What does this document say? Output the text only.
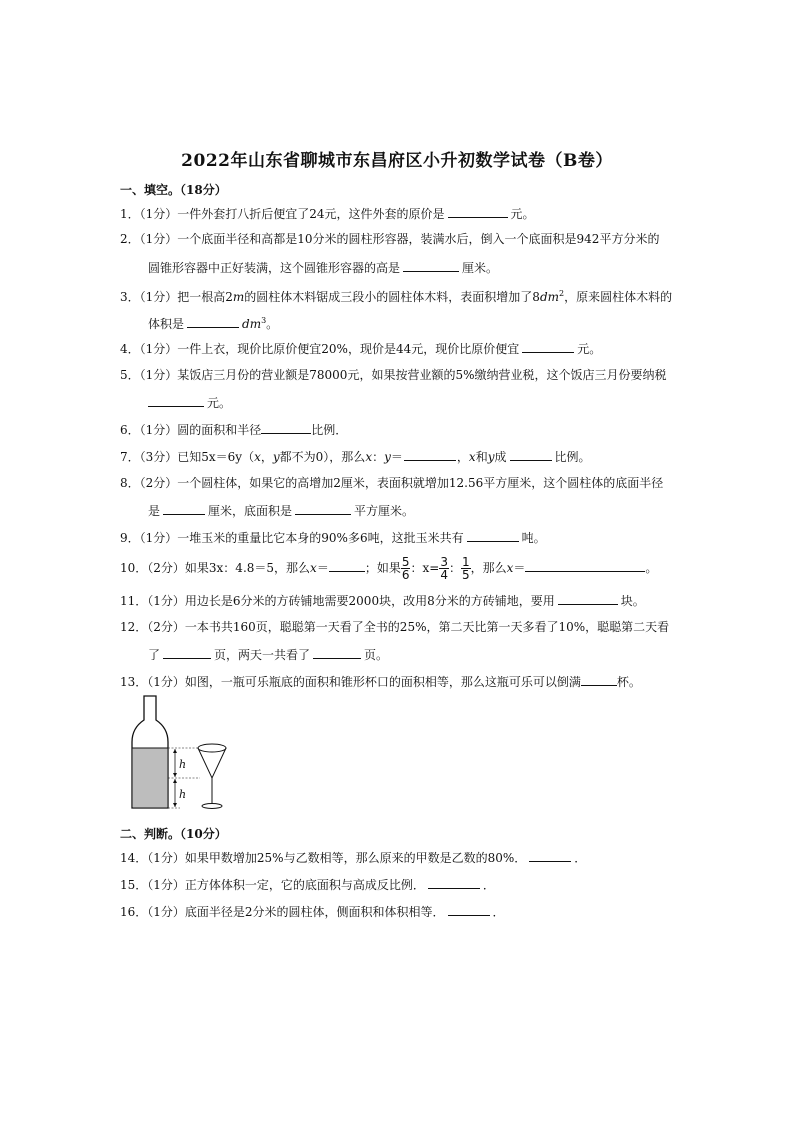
2022年山东省聊城市东昌府区小升初数学试卷（B卷）
一、填空。（18分）
1．（1分）一件外套打八折后便宜了24元，这件外套的原价是	元。
2．（1分）一个底面半径和高都是10分米的圆柱形容器，装满水后，倒入一个底面积是942平方分米的
圆锥形容器中正好装满，这个圆锥形容器的高是	厘米。
3．（1分）把一根高2m的圆柱体木料锯成三段小的圆柱体木料，表面积增加了$8dm^2$，原来圆柱体木料的
体积是	$dm^3$。
4．（1分）一件上衣，现价比原价便宜20%，现价是44元，现价比原价便宜	元。
5．（1分）某饭店三月份的营业额是78000元，如果按营业额的5%缴纳营业税，这个饭店三月份要纳税
元。
6．（1分）圆的面积和半径	比例．
7．（3分）已知5x＝6y（x，y都不为0），那么x：y＝	，x和y成	比例。
8．（2分）一个圆柱体，如果它的高增加2厘米，表面积就增加12.56平方厘米，这个圆柱体的底面半径
是	厘米，底面积是	平方厘米。
9．（1分）一堆玉米的重量比它本身的90%多6吨，这批玉米共有	吨。
10．（2分）如果3x：4.8＝5，那么x＝	；如果 $\frac{5}{6}$ ：$x= \frac{3}{4}$ ： $\frac{1}{5}$ ，那么x＝	。
11．（1分）用边长是6分米的方砖铺地需要2000块，改用8分米的方砖铺地，要用	块。
12．（2分）一本书共160页，聪聪第一天看了全书的25%，第二天比第一天多看了10%，聪聪第二天看
了	页，两天一共看了	页。
13．（1分）如图，一瓶可乐瓶底的面积和锥形杯口的面积相等，那么这瓶可乐可以倒满	杯。
h
h
二、判断。（10分）
14．（1分）如果甲数增加25%与乙数相等，那么原来的甲数是乙数的80%．	．
15．（1分）正方体体积一定，它的底面积与高成反比例．	．
16．（1分）底面半径是2分米的圆柱体，侧面积和体积相等．	．
